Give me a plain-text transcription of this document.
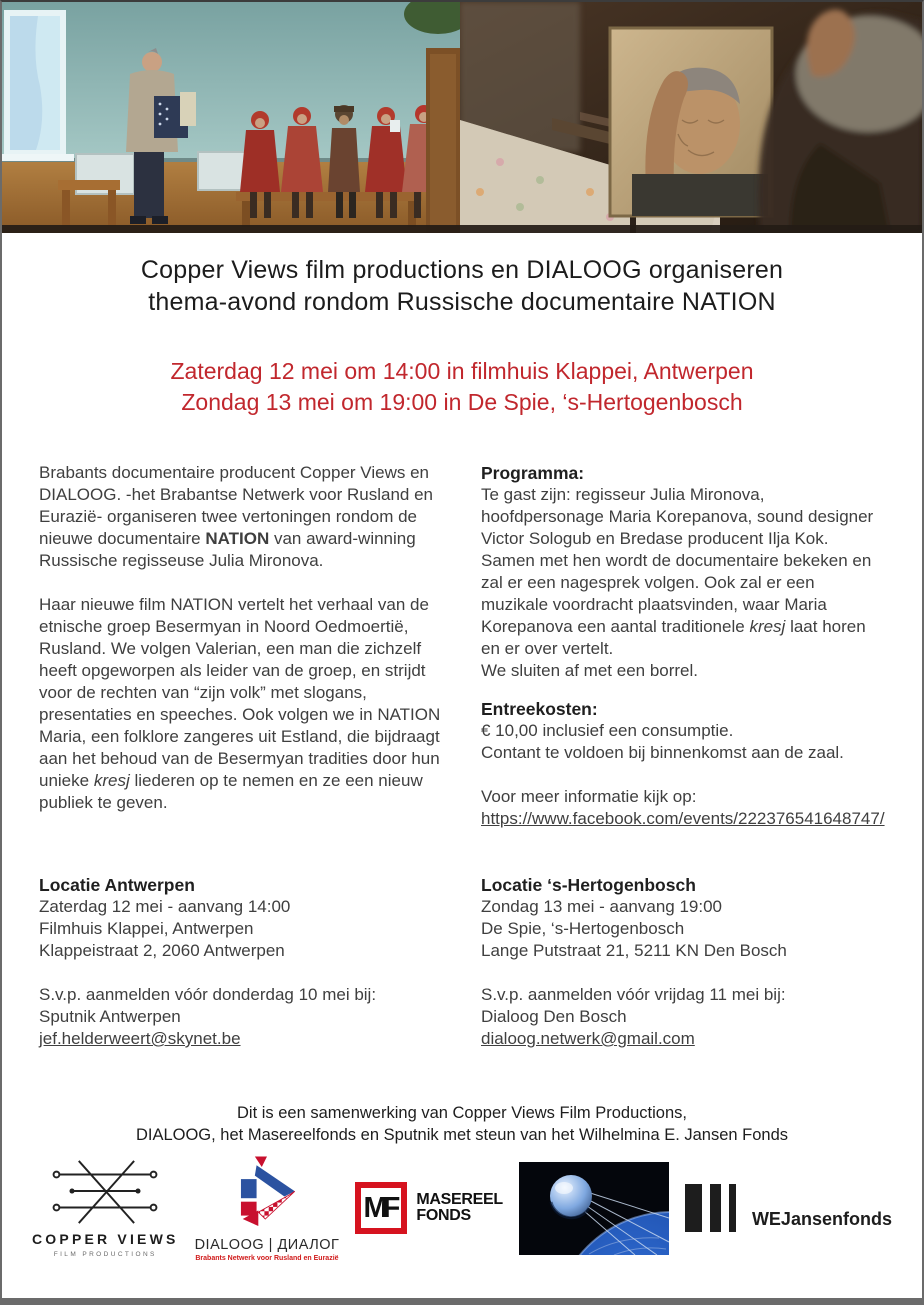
Copper Views film productions en DIALOOG organiseren
thema-avond rondom Russische documentaire NATION
Zaterdag 12 mei om 14:00 in filmhuis Klappei, Antwerpen
Zondag 13 mei om 19:00 in De Spie, ‘s-Hertogenbosch

Brabants documentaire producent Copper Views en DIALOOG. -het Brabantse Netwerk voor Rusland en Eurazië- organiseren twee vertoningen rondom de nieuwe documentaire NATION van award-winning Russische regisseuse Julia Mironova.

Haar nieuwe film NATION vertelt het verhaal van de etnische groep Besermyan in Noord Oedmoertië, Rusland. We volgen Valerian, een man die zichzelf heeft opgeworpen als leider van de groep, en strijdt voor de rechten van “zijn volk” met slogans, presentaties en speeches. Ook volgen we in NATION Maria, een folklore zangeres uit Estland, die bijdraagt aan het behoud van de Besermyan tradities door hun unieke kresj liederen op te nemen en ze een nieuw publiek te geven.

Programma:

Te gast zijn: regisseur Julia Mironova, hoofdpersonage Maria Korepanova, sound designer Victor Sologub en Bredase producent Ilja Kok. Samen met hen wordt de documentaire bekeken en zal er een nagesprek volgen. Ook zal er een muzikale voordracht plaatsvinden, waar Maria Korepanova een aantal traditionele kresj laat horen en er over vertelt.
We sluiten af met een borrel.

Entreekosten:

€ 10,00 inclusief een consumptie.
Contant te voldoen bij binnenkomst aan de zaal.

Voor meer informatie kijk op:
https://www.facebook.com/events/222376541648747/

Locatie Antwerpen
Zaterdag 12 mei - aanvang 14:00
Filmhuis Klappei, Antwerpen
Klappeistraat 2, 2060 Antwerpen
S.v.p. aanmelden vóór donderdag 10 mei bij:
Sputnik Antwerpen
jef.helderweert@skynet.be
Locatie ‘s-Hertogenbosch
Zondag 13 mei - aanvang 19:00
De Spie, ‘s-Hertogenbosch
Lange Putstraat 21, 5211 KN Den Bosch
S.v.p. aanmelden vóór vrijdag 11 mei bij:
Dialoog Den Bosch
dialoog.netwerk@gmail.com
Dit is een samenwerking van Copper Views Film Productions,
DIALOOG, het Masereelfonds en Sputnik met steun van het Wilhelmina E. Jansen Fonds
COPPER VIEWS
FILM PRODUCTIONS
DIALOOG | ДИАЛОГ
Brabants Netwerk voor Rusland en Eurazië
MF MASEREEL
FONDS	WEJansenfonds
